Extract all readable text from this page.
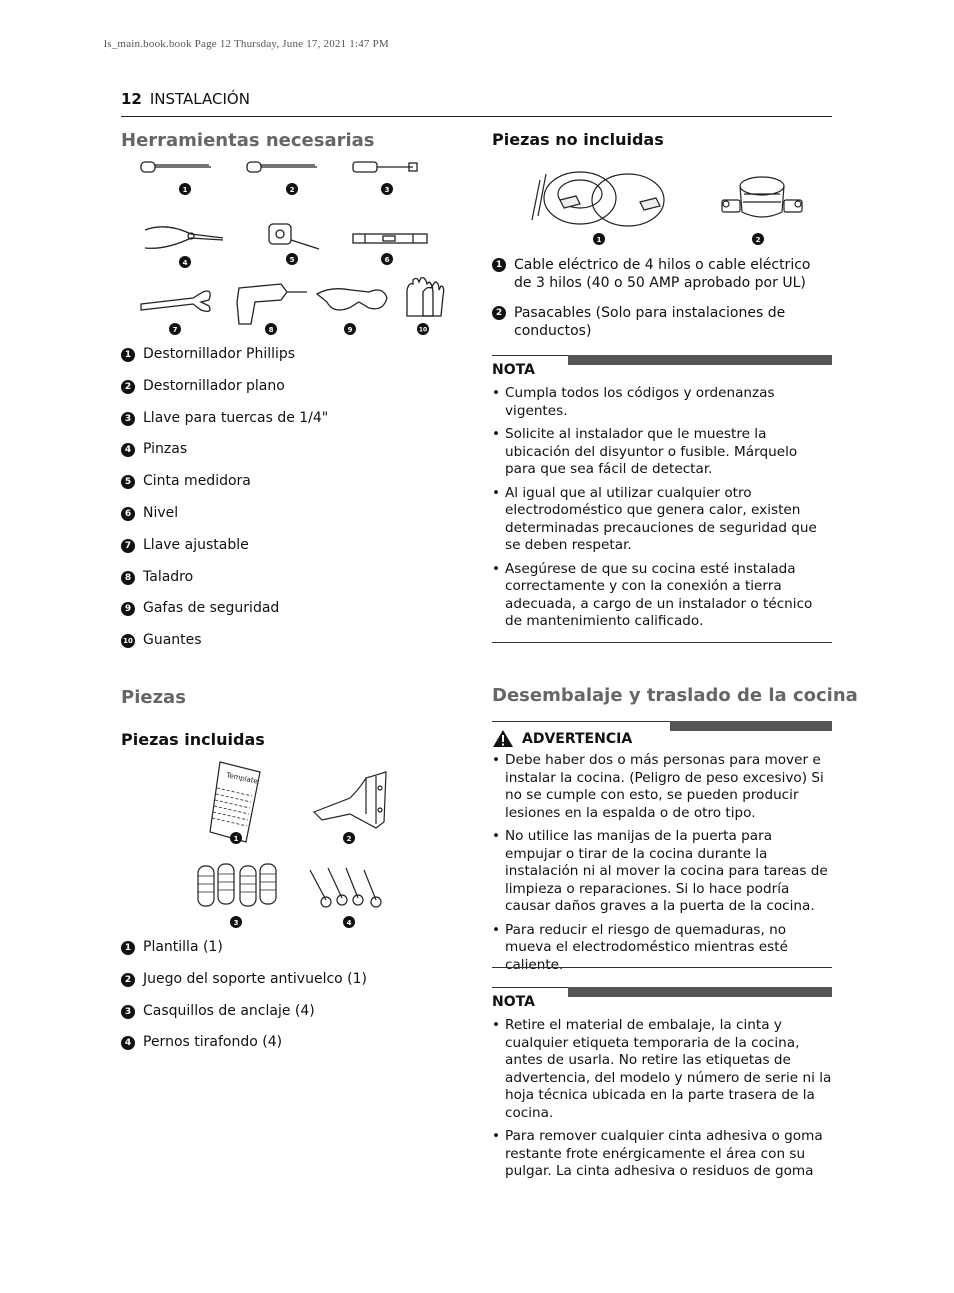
ls_main.book.book Page 12 Thursday, June 17, 2021 1:47 PM
12 INSTALACIÓN
Herramientas necesarias
1	2	3
4	5	6
7	8	9	10
1 Destornillador Phillips
2 Destornillador plano
3 Llave para tuercas de 1/4"
4 Pinzas
5 Cinta medidora
6 Nivel
7 Llave ajustable
8 Taladro
9 Gafas de seguridad
10 Guantes
Piezas
Piezas incluidas
Template
1	2
3	4
1 Plantilla (1)
2 Juego del soporte antivuelco (1)
3 Casquillos de anclaje (4)
4 Pernos tirafondo (4)
Piezas no incluidas
1	2
1 Cable eléctrico de 4 hilos o cable eléctrico de 3 hilos (40 o 50 AMP aprobado por UL)
2 Pasacables (Solo para instalaciones de conductos)
NOTA
• Cumpla todos los códigos y ordenanzas vigentes.
• Solicite al instalador que le muestre la ubicación del disyuntor o fusible. Márquelo para que sea fácil de detectar.
• Al igual que al utilizar cualquier otro electrodoméstico que genera calor, existen determinadas precauciones de seguridad que se deben respetar.
• Asegúrese de que su cocina esté instalada correctamente y con la conexión a tierra adecuada, a cargo de un instalador o técnico de mantenimiento calificado.
Desembalaje y traslado de la cocina
ADVERTENCIA
• Debe haber dos o más personas para mover e instalar la cocina. (Peligro de peso excesivo) Si no se cumple con esto, se pueden producir lesiones en la espalda o de otro tipo.
• No utilice las manijas de la puerta para empujar o tirar de la cocina durante la instalación ni al mover la cocina para tareas de limpieza o reparaciones. Si lo hace podría causar daños graves a la puerta de la cocina.
• Para reducir el riesgo de quemaduras, no mueva el electrodoméstico mientras esté caliente.
NOTA
• Retire el material de embalaje, la cinta y cualquier etiqueta temporaria de la cocina, antes de usarla. No retire las etiquetas de advertencia, del modelo y número de serie ni la hoja técnica ubicada en la parte trasera de la cocina.
• Para remover cualquier cinta adhesiva o goma restante frote enérgicamente el área con su pulgar. La cinta adhesiva o residuos de goma
